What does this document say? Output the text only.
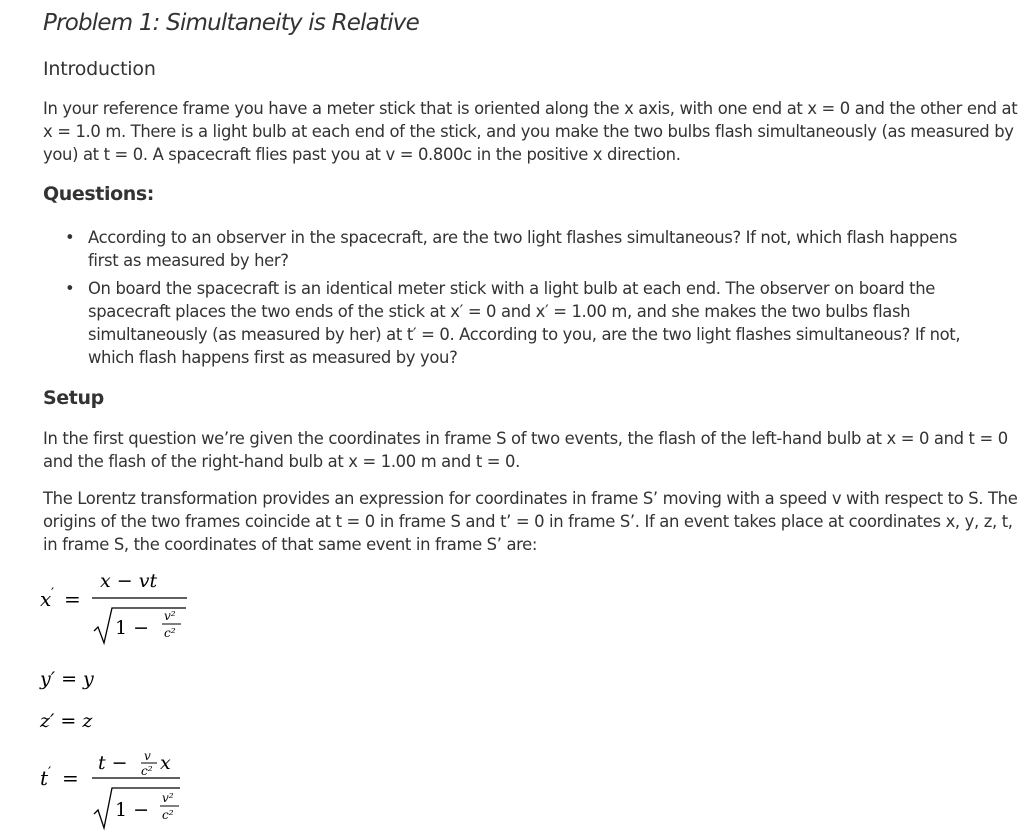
Problem 1: Simultaneity is Relative
Introduction

In your reference frame you have a meter stick that is oriented along the x axis, with one end at x = 0 and the other end at x = 1.0 m. There is a light bulb at each end of the stick, and you make the two bulbs flash simultaneously (as measured by you) at t = 0. A spacecraft flies past you at v = 0.800c in the positive x direction.

Questions:
• According to an observer in the spacecraft, are the two light flashes simultaneous? If not, which flash happens first as measured by her?
• On board the spacecraft is an identical meter stick with a light bulb at each end. The observer on board the spacecraft places the two ends of the stick at x′ = 0 and x′ = 1.00 m, and she makes the two bulbs flash simultaneously (as measured by her) at t′ = 0. According to you, are the two light flashes simultaneous? If not, which flash happens first as measured by you?
Setup

In the first question we’re given the coordinates in frame S of two events, the flash of the left-hand bulb at x = 0 and t = 0 and the flash of the right-hand bulb at x = 1.00 m and t = 0.

The Lorentz transformation provides an expression for coordinates in frame S’ moving with a speed v with respect to S. The origins of the two frames coincide at t = 0 in frame S and t’ = 0 in frame S’. If an event takes place at coordinates x, y, z, t, in frame S, the coordinates of that same event in frame S’ are:

x ′ =
x − vt
1 −
v²
c²
y′ = y
z′ = z
t ′ =
t − v
c² x
1 −
v²
c²
